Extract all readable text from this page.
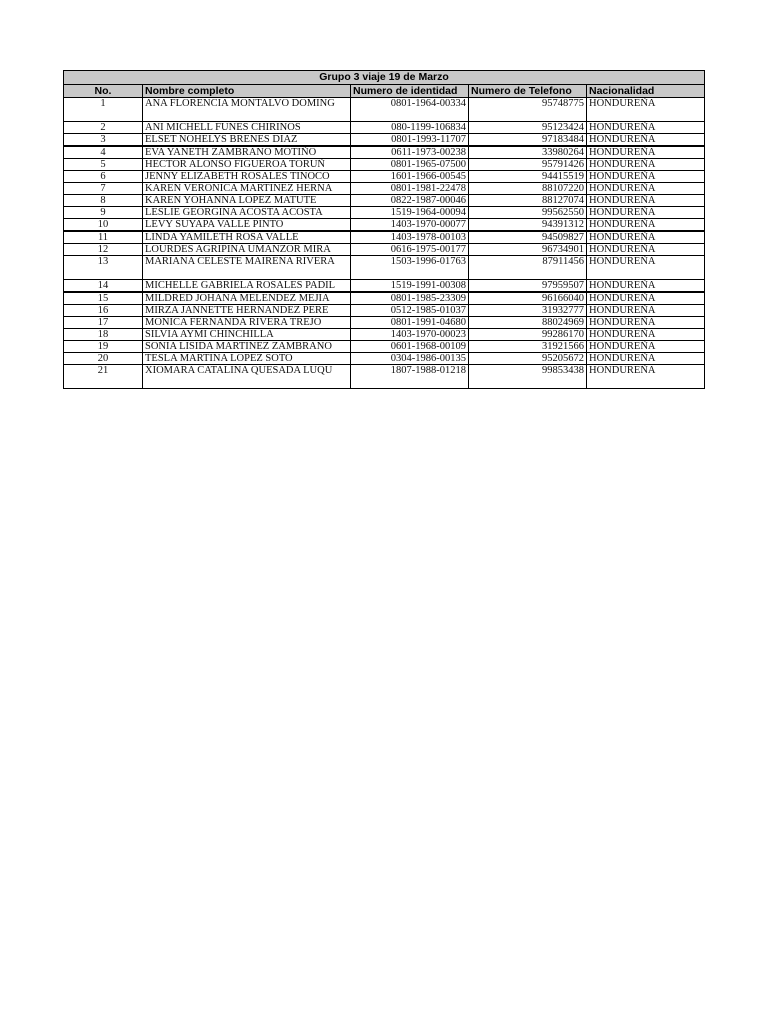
Grupo 3 viaje 19 de Marzo				
No.	Nombre completo	Numero de identidad	Numero de Telefono	Nacionalidad
1	ANA FLORENCIA MONTALVO DOMING	0801-1964-00334	95748775	HONDUREÑA
2	ANI MICHELL FUNES CHIRINOS	080-1199-106834	95123424	HONDUREÑA
3	ELSET NOHELYS BRENES DIAZ	0801-1993-11707	97183484	HONDUREÑA
4	EVA YANETH ZAMBRANO MOTIÑO	0611-1973-00238	33980264	HONDUREÑA
5	HECTOR ALONSO FIGUEROA TORUÑ	0801-1965-07500	95791426	HONDUREÑA
6	JENNY ELIZABETH ROSALES TINOCO	1601-1966-00545	94415519	HONDUREÑA
7	KAREN VERONICA MARTINEZ HERNA	0801-1981-22478	88107220	HONDUREÑA
8	KAREN YOHANNA LOPEZ MATUTE	0822-1987-00046	88127074	HONDUREÑA
9	LESLIE GEORGINA ACOSTA ACOSTA	1519-1964-00094	99562550	HONDUREÑA
10	LEVY SUYAPA VALLE PINTO	1403-1970-00077	94391312	HONDUREÑA
11	LINDA YAMILETH ROSA VALLE	1403-1978-00103	94509827	HONDUREÑA
12	LOURDES AGRIPINA UMANZOR MIRA	0616-1975-00177	96734901	HONDUREÑA
13	MARIANA CELESTE MAIRENA RIVERA	1503-1996-01763	87911456	HONDUREÑA
14	MICHELLE GABRIELA ROSALES PADIL	1519-1991-00308	97959507	HONDUREÑA
15	MILDRED JOHANA MELENDEZ MEJIA	0801-1985-23309	96166040	HONDUREÑA
16	MIRZA JANNETTE HERNANDEZ PERE	0512-1985-01037	31932777	HONDUREÑA
17	MONICA FERNANDA RIVERA TREJO	0801-1991-04680	88024969	HONDUREÑA
18	SILVIA AYMI CHINCHILLA	1403-1970-00023	99286170	HONDUREÑA
19	SONIA LISIDA MARTINEZ ZAMBRANO	0601-1968-00109	31921566	HONDUREÑA
20	TESLA MARTINA LOPEZ SOTO	0304-1986-00135	95205672	HONDUREÑA
21	XIOMARA CATALINA QUESADA LUQU	1807-1988-01218	99853438	HONDUREÑA
